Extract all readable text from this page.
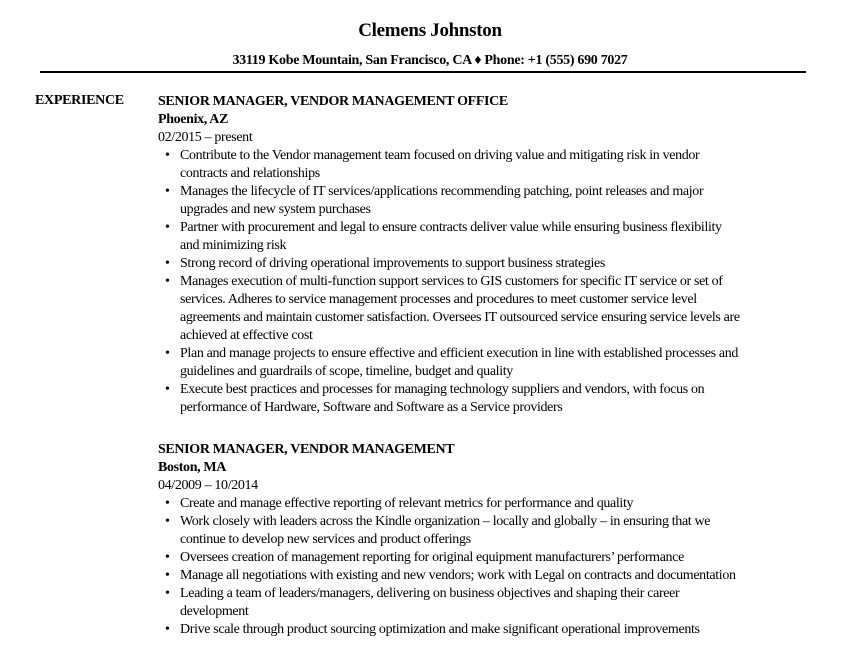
Clemens Johnston
33119 Kobe Mountain, San Francisco, CA ♦ Phone: +1 (555) 690 7027
EXPERIENCE SENIOR MANAGER, VENDOR MANAGEMENT OFFICE
Phoenix, AZ
02/2015 – present
• Contribute to the Vendor management team focused on driving value and mitigating risk in vendor
contracts and relationships
• Manages the lifecycle of IT services/applications recommending patching, point releases and major
upgrades and new system purchases
• Partner with procurement and legal to ensure contracts deliver value while ensuring business flexibility
and minimizing risk
• Strong record of driving operational improvements to support business strategies
• Manages execution of multi-function support services to GIS customers for specific IT service or set of
services. Adheres to service management processes and procedures to meet customer service level
agreements and maintain customer satisfaction. Oversees IT outsourced service ensuring service levels are
achieved at effective cost
• Plan and manage projects to ensure effective and efficient execution in line with established processes and
guidelines and guardrails of scope, timeline, budget and quality
• Execute best practices and processes for managing technology suppliers and vendors, with focus on
performance of Hardware, Software and Software as a Service providers
SENIOR MANAGER, VENDOR MANAGEMENT
Boston, MA
04/2009 – 10/2014
• Create and manage effective reporting of relevant metrics for performance and quality
• Work closely with leaders across the Kindle organization – locally and globally – in ensuring that we
continue to develop new services and product offerings
• Oversees creation of management reporting for original equipment manufacturers’ performance
• Manage all negotiations with existing and new vendors; work with Legal on contracts and documentation
• Leading a team of leaders/managers, delivering on business objectives and shaping their career
development
• Drive scale through product sourcing optimization and make significant operational improvements
